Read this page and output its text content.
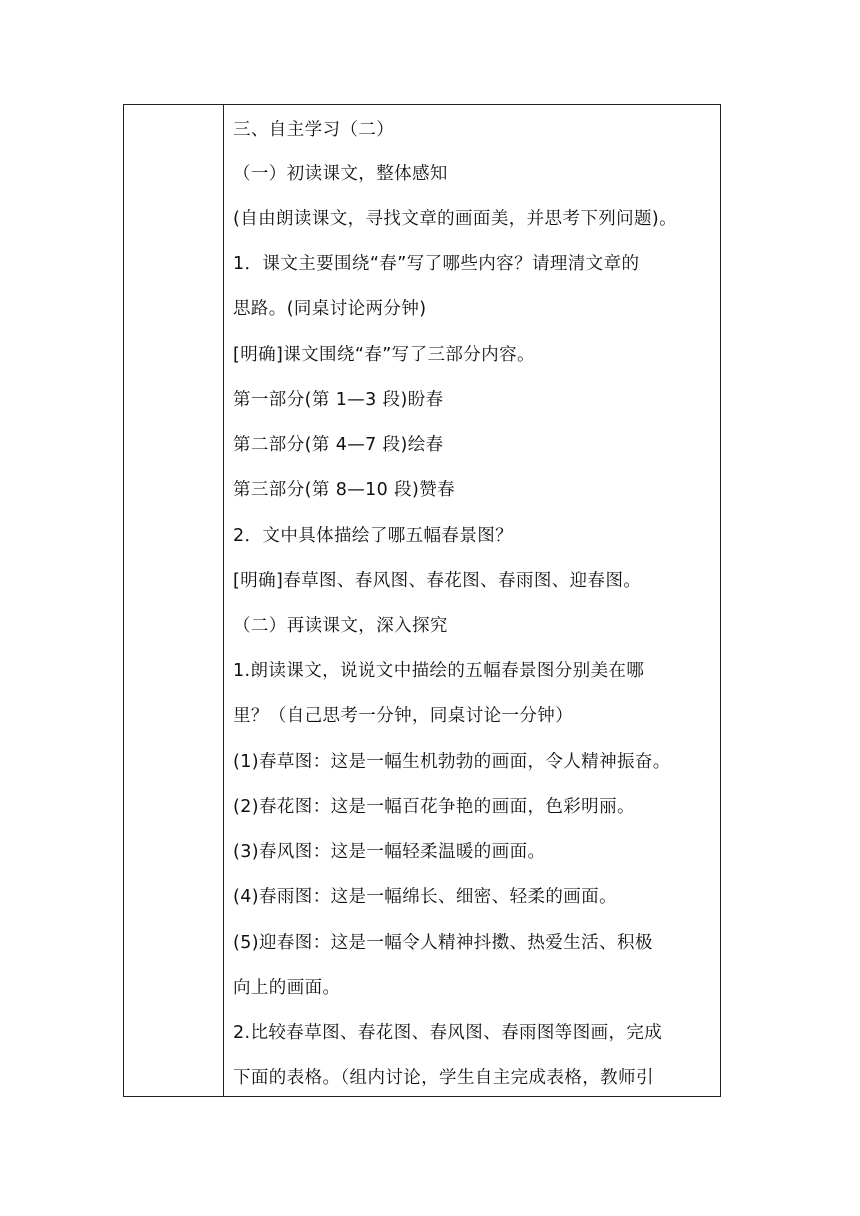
三、自主学习（二）
（一）初读课文，整体感知
(自由朗读课文，寻找文章的画面美，并思考下列问题)。
1．课文主要围绕“春”写了哪些内容？请理清文章的
思路。(同桌讨论两分钟)
[明确]课文围绕“春”写了三部分内容。
第一部分(第 1—3 段)盼春
第二部分(第 4—7 段)绘春
第三部分(第 8—10 段)赞春
2．文中具体描绘了哪五幅春景图？
[明确]春草图、春风图、春花图、春雨图、迎春图。
（二）再读课文，深入探究
1.朗读课文，说说文中描绘的五幅春景图分别美在哪
里？（自己思考一分钟，同桌讨论一分钟）
(1)春草图：这是一幅生机勃勃的画面，令人精神振奋。
(2)春花图：这是一幅百花争艳的画面，色彩明丽。
(3)春风图：这是一幅轻柔温暖的画面。
(4)春雨图：这是一幅绵长、细密、轻柔的画面。
(5)迎春图：这是一幅令人精神抖擞、热爱生活、积极
向上的画面。
2.比较春草图、春花图、春风图、春雨图等图画，完成
下面的表格。（组内讨论，学生自主完成表格，教师引
